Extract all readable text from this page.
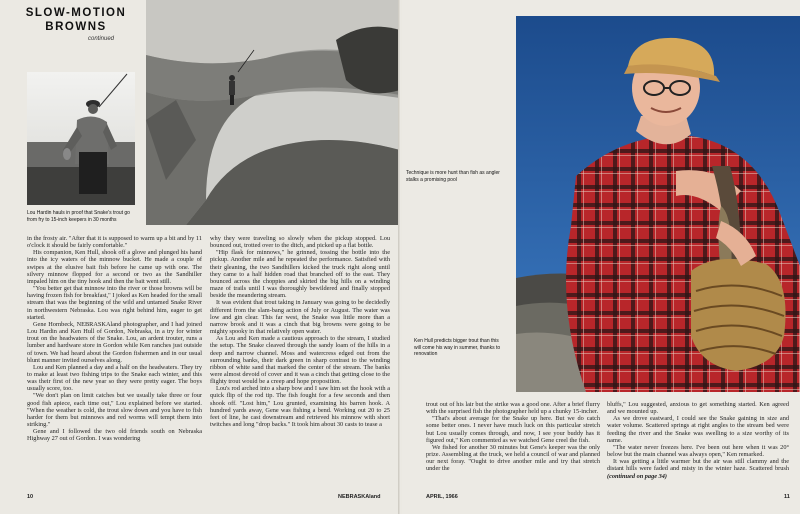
SLOW-MOTION
BROWNS
continued
Lou Hardin hauls in proof that Snake's trout go from fry to 15-inch keepers in 30 months

in the frosty air. "After that it is supposed to warm up a bit and by 11 o'clock it should be fairly comfortable."

His companion, Ken Hull, shook off a glove and plunged his hand into the icy waters of the minnow bucket. He made a couple of swipes at the elusive bait fish before he came up with one. The silvery minnow flopped for a second or two as the Sandhiller impaled him on the tiny hook and then the bait went still.

"You better get that minnow into the river or those browns will be having frozen fish for breakfast," I joked as Ken headed for the small stream that was the beginning of the wild and untamed Snake River in northwestern Nebraska. Lou was right behind him, eager to get started.

Gene Hornbeck, NEBRASKAland photographer, and I had joined Lou Hardin and Ken Hull of Gordon, Nebraska, in a try for winter trout on the headwaters of the Snake. Lou, an ardent trouter, runs a lumber and hardware store in Gordon while Ken ranches just outside of town. We had heard about the Gordon fishermen and in our usual blunt manner invited ourselves along.

Lou and Ken planned a day and a half on the headwaters. They try to make at least two fishing trips to the Snake each winter, and this was their first of the new year so they were pretty eager. The boys usually score, too.

"We don't plan on limit catches but we usually take three or four good fish apiece, each time out," Lou explained before we started. "When the weather is cold, the trout slow down and you have to fish harder for them but minnows and red worms will tempt them into striking."

Gene and I followed the two old friends south on Nebraska Highway 27 out of Gordon. I was wondering

why they were traveling so slowly when the pickup stopped. Lou bounced out, trotted over to the ditch, and picked up a flat bottle.

"Hip flask for minnows," he grinned, tossing the bottle into the pickup. Another mile and he repeated the performance. Satisfied with their gleaning, the two Sandhillers kicked the truck right along until they came to a half hidden road that branched off to the east. They bounced across the choppies and skirted the big hills on a winding maze of trails until I was thoroughly bewildered and finally stopped beside the meandering stream.

It was evident that trout taking in January was going to be decidedly different from the slam-bang action of July or August. The water was low and gin clear. This far west, the Snake was little more than a narrow brook and it was a cinch that big browns were going to be mighty spooky in that relatively open water.

As Lou and Ken made a cautious approach to the stream, I studied the setup. The Snake cleaved through the sandy loam of the hills in a deep and narrow channel. Moss and watercress edged out from the surrounding banks, their dark green in sharp contrast to the winding ribbon of white sand that marked the center of the stream. The banks were almost devoid of cover and it was a cinch that getting close to the flighty trout would be a creep and hope proposition.

Lou's rod arched into a sharp bow and I saw him set the hook with a quick flip of the rod tip. The fish fought for a few seconds and then shook off. "Lost him," Lou grunted, examining his barren hook. A hundred yards away, Gene was fishing a bend. Working out 20 to 25 feet of line, he cast downstream and retrieved his minnow with short twitches and long "drop backs." It took him about 30 casts to tease a

10	NEBRASKAland
Technique is more hunt than fish as angler stalks a promising pool
Ken Hull predicts bigger trout than this will come his way in summer, thanks to renovation

trout out of his lair but the strike was a good one. After a brief flurry with the surprised fish the photographer held up a chunky 15-incher.

"That's about average for the Snake up here. But we do catch some better ones. I never have much luck on this particular stretch but Lou usually comes through, and now, I see your buddy has it figured out," Ken commented as we watched Gene creel the fish.

We fished for another 30 minutes but Gene's keeper was the only prize. Assembling at the truck, we held a council of war and planned our next foray. "Ought to drive another mile and try that stretch under the

bluffs," Lou suggested, anxious to get something started. Ken agreed and we mounted up.

As we drove eastward, I could see the Snake gaining in size and water volume. Scattered springs at right angles to the stream bed were feeding the river and the Snake was swelling to a size worthy of its name.

"The water never freezes here. I've been out here when it was 20° below but the main channel was always open," Ken remarked.

It was getting a little warmer but the air was still clammy and the distant hills were faded and misty in the winter haze. Scattered brush (continued on page 34)

APRIL, 1966	11
